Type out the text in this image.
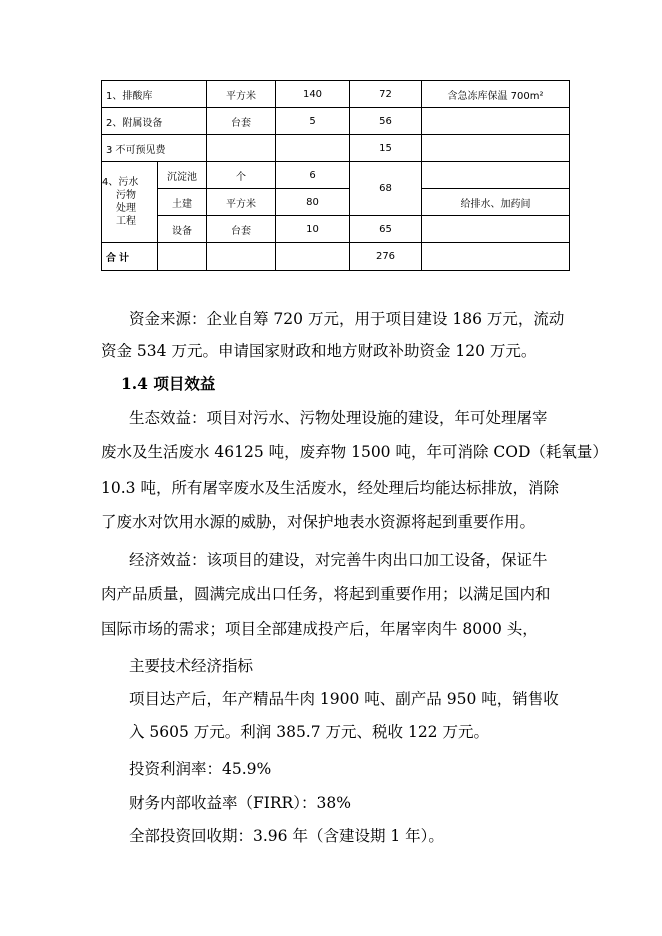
1、排酸库		平方米	140	72	含急冻库保温 700m²
2、附属设备		台套	5	56	
3 不可预见费				15	

4、污水
污物
处理
工程	沉淀池	个	6	68	
	土建	平方米	80		给排水、加药间
	设备	台套	10	65	
合计				276	
资金来源：企业自筹 720 万元，用于项目建设 186 万元，流动
资金 534 万元。申请国家财政和地方财政补助资金 120 万元。
1.4 项目效益
生态效益：项目对污水、污物处理设施的建设，年可处理屠宰
废水及生活废水 46125 吨，废弃物 1500 吨，年可消除 COD（耗氧量）
10.3 吨，所有屠宰废水及生活废水，经处理后均能达标排放，消除
了废水对饮用水源的威胁，对保护地表水资源将起到重要作用。
经济效益：该项目的建设，对完善牛肉出口加工设备，保证牛
肉产品质量，圆满完成出口任务，将起到重要作用；以满足国内和
国际市场的需求；项目全部建成投产后，年屠宰肉牛 8000 头，
主要技术经济指标
项目达产后，年产精品牛肉 1900 吨、副产品 950 吨，销售收
入 5605 万元。利润 385.7 万元、税收 122 万元。
投资利润率：45.9%
财务内部收益率（FIRR）：38%
全部投资回收期：3.96 年（含建设期 1 年）。
